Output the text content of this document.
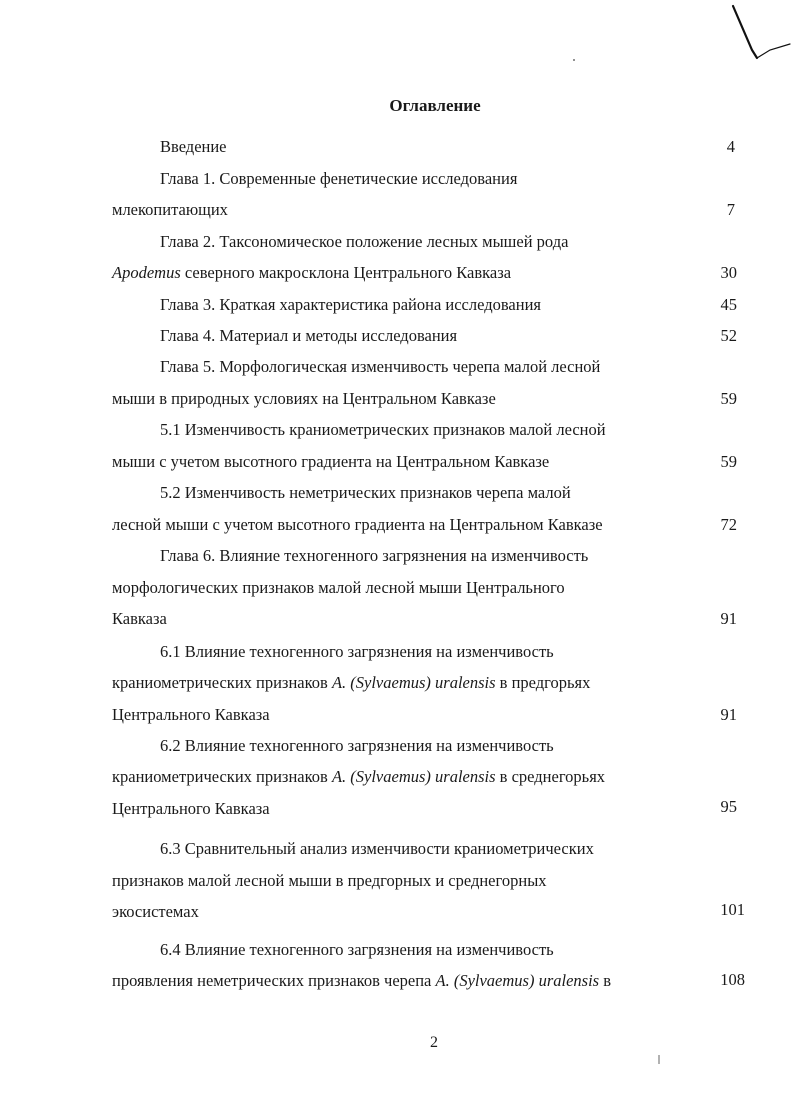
Оглавление
Введение	4
Глава 1. Современные фенетические исследования
млекопитающих	7
Глава 2. Таксономическое положение лесных мышей рода
Apodemus северного макросклона Центрального Кавказа	30
Глава 3. Краткая характеристика района исследования	45
Глава 4. Материал и методы исследования	52
Глава 5. Морфологическая изменчивость черепа малой лесной
мыши в природных условиях на Центральном Кавказе	59
5.1 Изменчивость краниометрических признаков малой лесной
мыши с учетом высотного градиента на Центральном Кавказе	59
5.2 Изменчивость неметрических признаков черепа малой
лесной мыши с учетом высотного градиента на Центральном Кавказе	72
Глава 6. Влияние техногенного загрязнения на изменчивость
морфологических признаков малой лесной мыши Центрального
Кавказа	91
6.1 Влияние техногенного загрязнения на изменчивость
краниометрических признаков A. (Sylvaemus) uralensis в предгорьях
Центрального Кавказа	91
6.2 Влияние техногенного загрязнения на изменчивость
краниометрических признаков A. (Sylvaemus) uralensis в среднегорьях
Центрального Кавказа	95
6.3 Сравнительный анализ изменчивости краниометрических
признаков малой лесной мыши в предгорных и среднегорных
экосистемах	101
6.4 Влияние техногенного загрязнения на изменчивость
проявления неметрических признаков черепа A. (Sylvaemus) uralensis в	108
2
